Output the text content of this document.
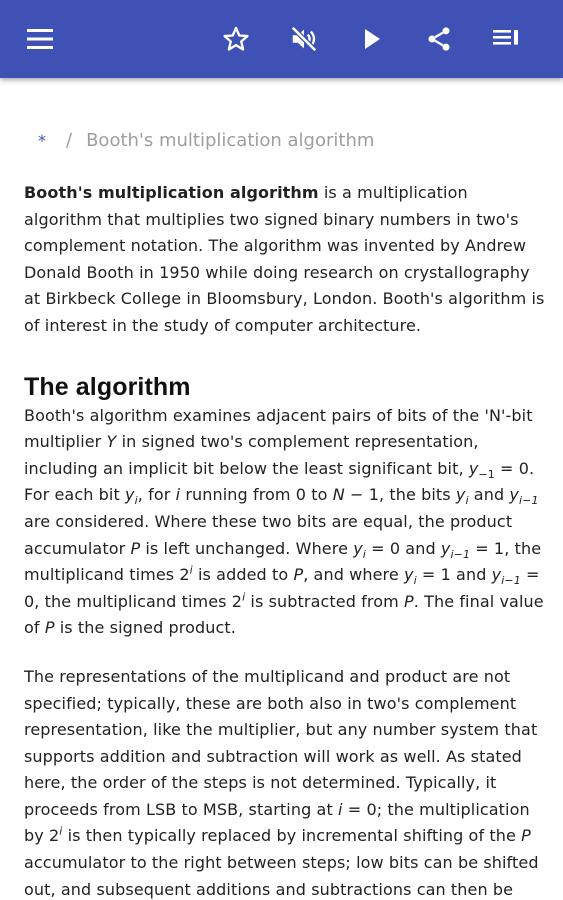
* / Booth's multiplication algorithm

Booth's multiplication algorithm is a multiplication algorithm that multiplies two signed binary numbers in two's complement notation. The algorithm was invented by Andrew Donald Booth in 1950 while doing research on crystallography at Birkbeck College in Bloomsbury, London. Booth's algorithm is of interest in the study of computer architecture.

The algorithm

Booth's algorithm examines adjacent pairs of bits of the 'N'-bit multiplier Y in signed two's complement representation, including an implicit bit below the least significant bit, $y_{-1} = 0$. For each bit $y_i$, for i running from 0 to N − 1, the bits $y_i$ and $y_{i-1}$ are considered. Where these two bits are equal, the product accumulator P is left unchanged. Where $y_i = 0$ and $y_{i-1} = 1$, the multiplicand times 2$^i$ is added to P, and where $y_i = 1$ and $y_{i-1} = 0$, the multiplicand times 2$^i$ is subtracted from P. The final value of P is the signed product.

The representations of the multiplicand and product are not specified; typically, these are both also in two's complement representation, like the multiplier, but any number system that supports addition and subtraction will work as well. As stated here, the order of the steps is not determined. Typically, it proceeds from LSB to MSB, starting at i = 0; the multiplication by 2$^i$ is then typically replaced by incremental shifting of the P accumulator to the right between steps; low bits can be shifted out, and subsequent additions and subtractions can then be
